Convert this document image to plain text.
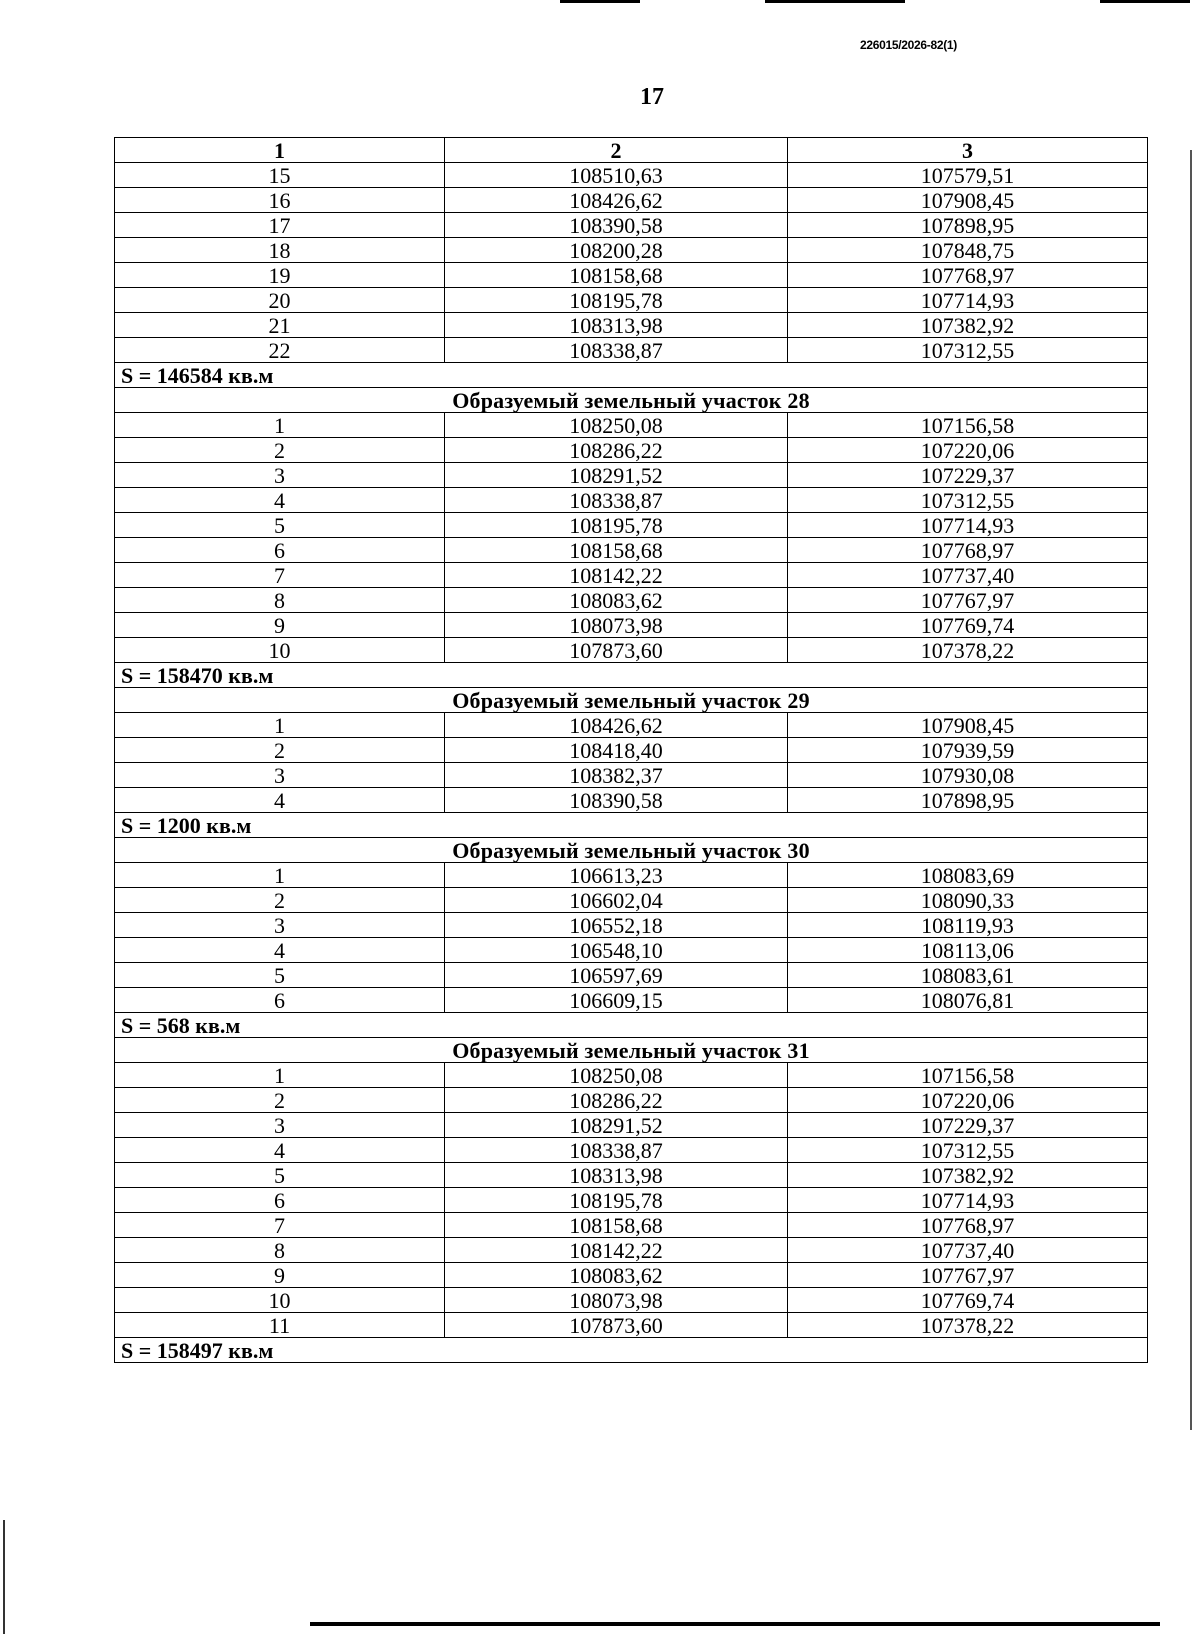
226015/2026-82(1)
17
1	2	3
15	108510,63	107579,51
16	108426,62	107908,45
17	108390,58	107898,95
18	108200,28	107848,75
19	108158,68	107768,97
20	108195,78	107714,93
21	108313,98	107382,92
22	108338,87	107312,55
S = 146584 кв.м		
Образуемый земельный участок 28		
1	108250,08	107156,58
2	108286,22	107220,06
3	108291,52	107229,37
4	108338,87	107312,55
5	108195,78	107714,93
6	108158,68	107768,97
7	108142,22	107737,40
8	108083,62	107767,97
9	108073,98	107769,74
10	107873,60	107378,22
S = 158470 кв.м		
Образуемый земельный участок 29		
1	108426,62	107908,45
2	108418,40	107939,59
3	108382,37	107930,08
4	108390,58	107898,95
S = 1200 кв.м		
Образуемый земельный участок 30		
1	106613,23	108083,69
2	106602,04	108090,33
3	106552,18	108119,93
4	106548,10	108113,06
5	106597,69	108083,61
6	106609,15	108076,81
S = 568 кв.м		
Образуемый земельный участок 31		
1	108250,08	107156,58
2	108286,22	107220,06
3	108291,52	107229,37
4	108338,87	107312,55
5	108313,98	107382,92
6	108195,78	107714,93
7	108158,68	107768,97
8	108142,22	107737,40
9	108083,62	107767,97
10	108073,98	107769,74
11	107873,60	107378,22
S = 158497 кв.м		
